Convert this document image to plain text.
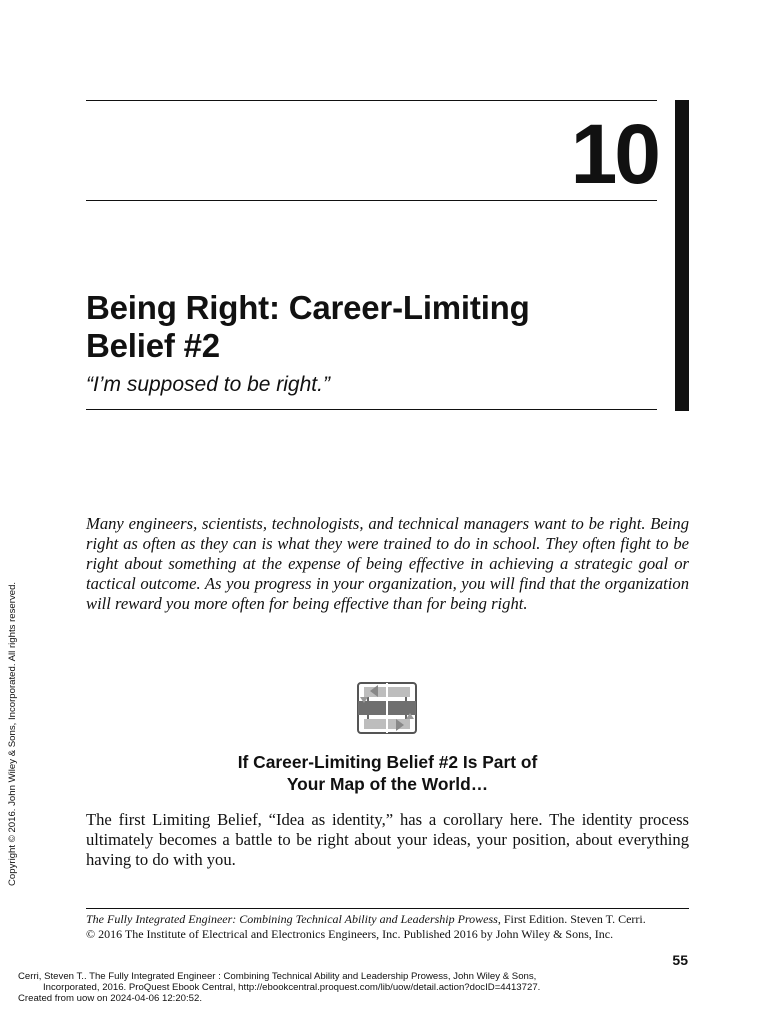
10
Being Right: Career-Limiting
Belief #2
“I’m supposed to be right.”

Many engineers, scientists, technologists, and technical managers want to be right. Being right as often as they can is what they were trained to do in school. They often fight to be right about something at the expense of being effective in achieving a strategic goal or tactical outcome. As you progress in your organization, you will find that the organization will reward you more often for being effective than for being right.

If Career-Limiting Belief #2 Is Part of
Your Map of the World…

The first Limiting Belief, “Idea as identity,” has a corollary here. The identity process ultimately becomes a battle to be right about your ideas, your position, about everything having to do with you.

The Fully Integrated Engineer: Combining Technical Ability and Leadership Prowess, First Edition. Steven T. Cerri.
© 2016 The Institute of Electrical and Electronics Engineers, Inc. Published 2016 by John Wiley & Sons, Inc.
55
Cerri, Steven T.. The Fully Integrated Engineer : Combining Technical Ability and Leadership Prowess, John Wiley & Sons,
Incorporated, 2016. ProQuest Ebook Central, http://ebookcentral.proquest.com/lib/uow/detail.action?docID=4413727.
Created from uow on 2024-04-06 12:20:52.
Copyright © 2016. John Wiley & Sons, Incorporated. All rights reserved.
